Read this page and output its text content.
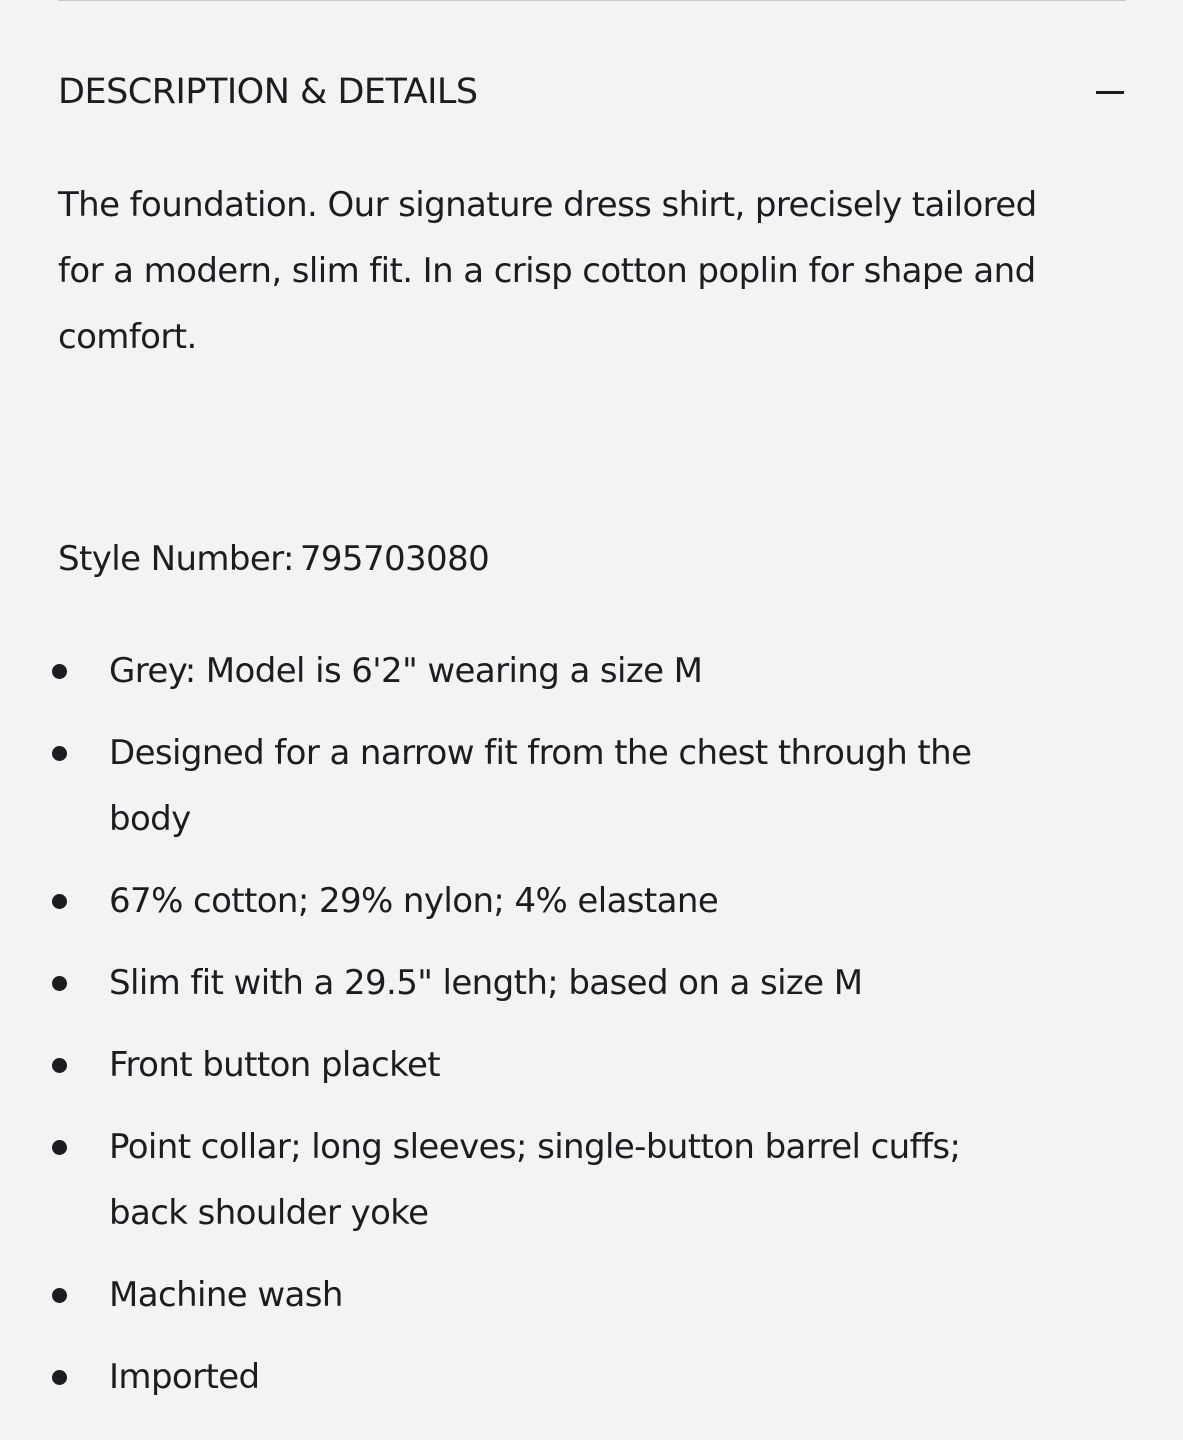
DESCRIPTION & DETAILS

The foundation. Our signature dress shirt, precisely tailored for a modern, slim fit. In a crisp cotton poplin for shape and comfort.

Style Number: 795703080
Grey: Model is 6'2" wearing a size M
Designed for a narrow fit from the chest through the body
67% cotton; 29% nylon; 4% elastane
Slim fit with a 29.5" length; based on a size M
Front button placket
Point collar; long sleeves; single-button barrel cuffs; back shoulder yoke
Machine wash
Imported
